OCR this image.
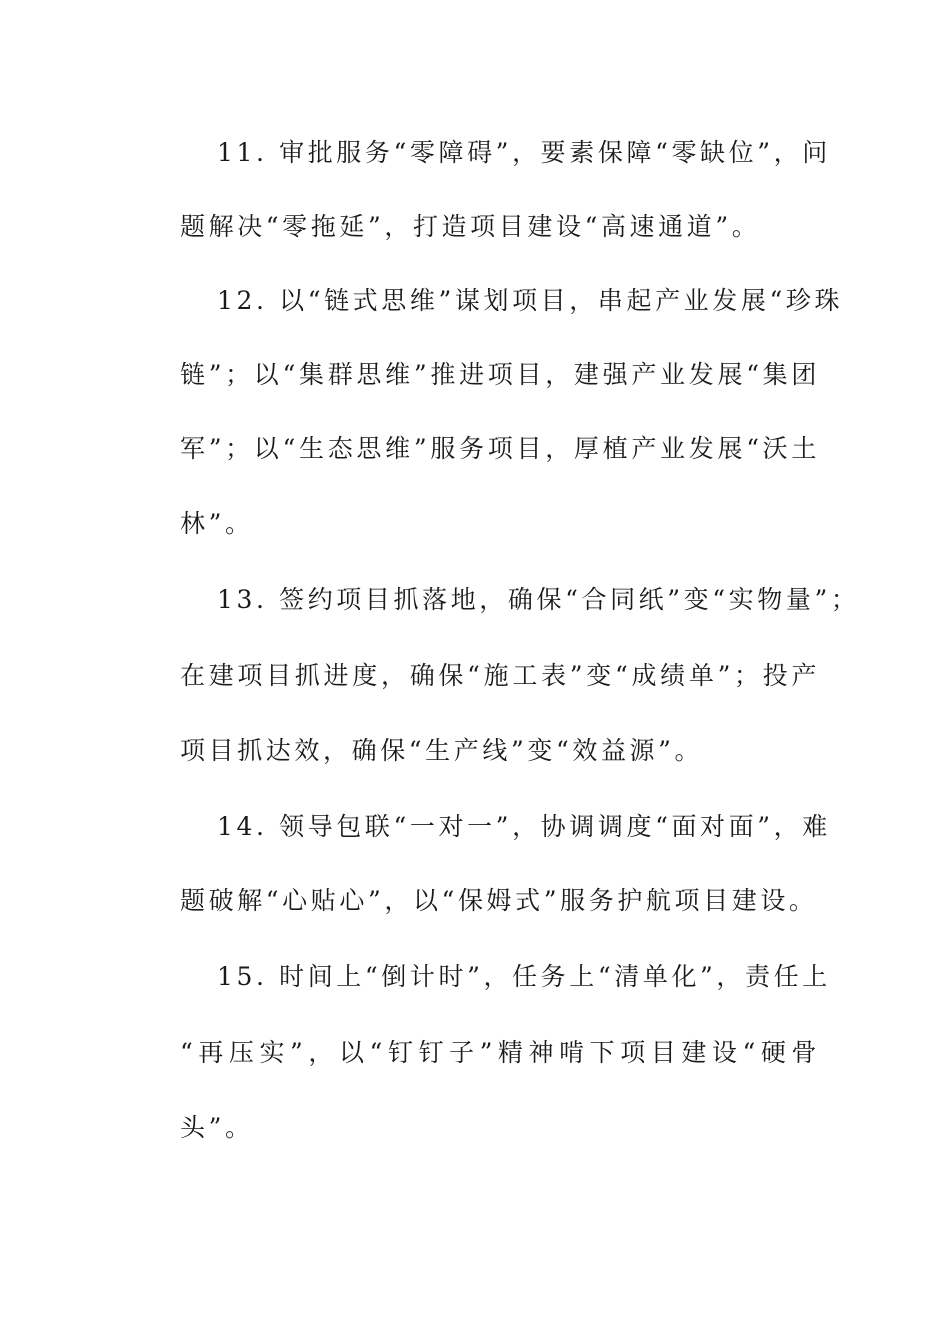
11. 审批服务“零障碍”，要素保障“零缺位”，问
题解决“零拖延”，打造项目建设“高速通道”。
12. 以“链式思维”谋划项目，串起产业发展“珍珠
链”；以“集群思维”推进项目，建强产业发展“集团
军”；以“生态思维”服务项目，厚植产业发展“沃土
林”。
13. 签约项目抓落地，确保“合同纸”变“实物量”；
在建项目抓进度，确保“施工表”变“成绩单”；投产
项目抓达效，确保“生产线”变“效益源”。
14. 领导包联“一对一”，协调调度“面对面”，难
题破解“心贴心”，以“保姆式”服务护航项目建设。
15. 时间上“倒计时”，任务上“清单化”，责任上
“再压实”，以“钉钉子”精神啃下项目建设“硬骨
头”。
